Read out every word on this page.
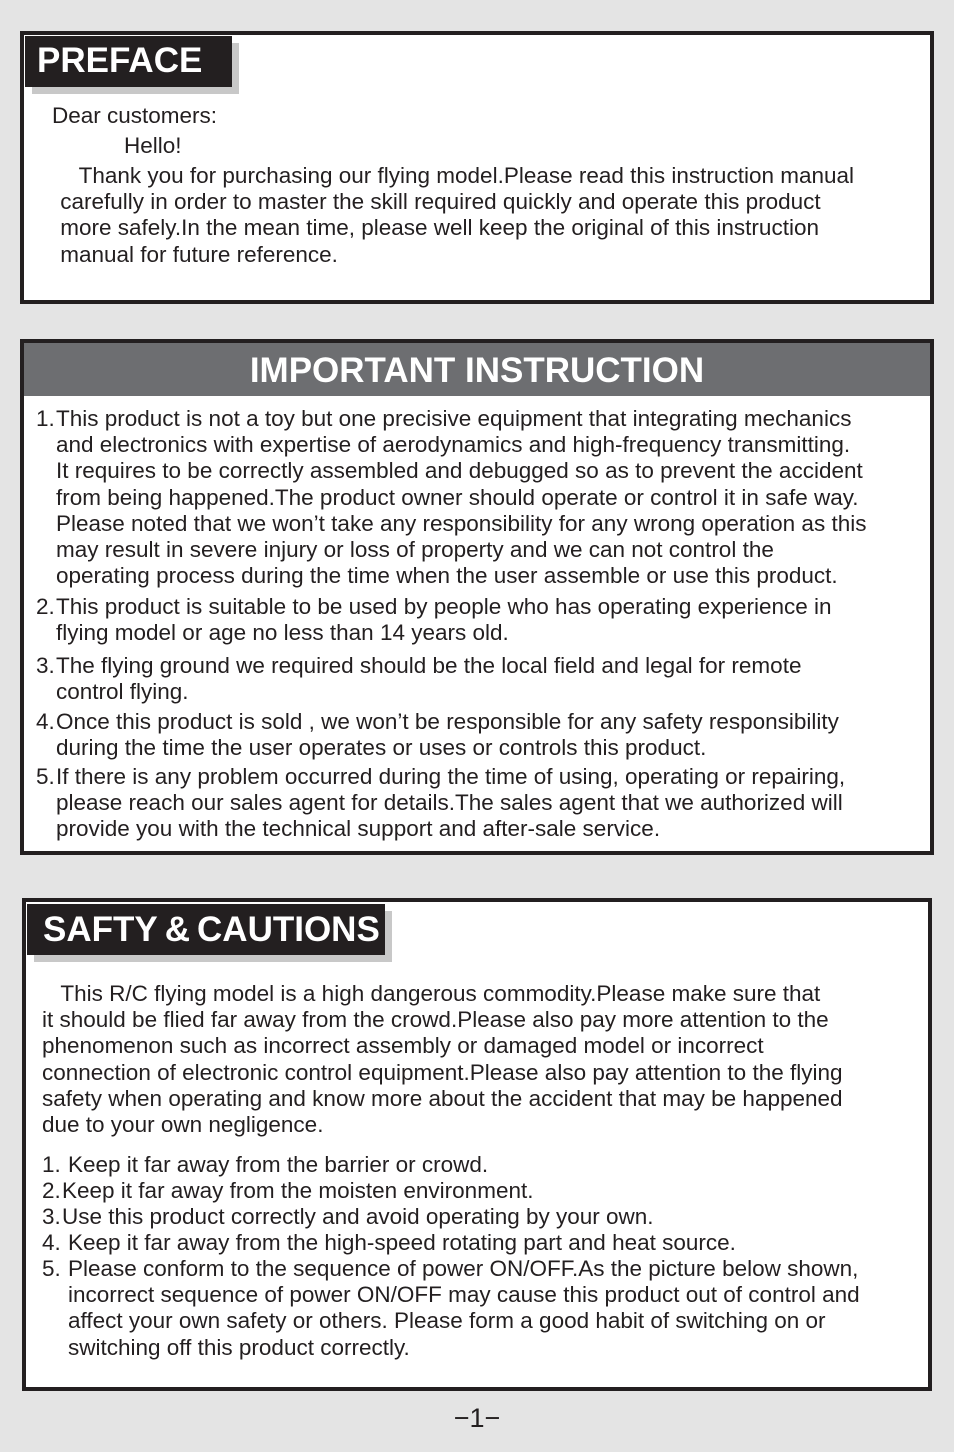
PREFACE

Dear customers:

Hello!

Thank you for purchasing our flying model.Please read this instruction manual
carefully in order to master the skill required quickly and operate this product
more safely.In the mean time, please well keep the original of this instruction
manual for future reference.

IMPORTANT INSTRUCTION
1. This product is not a toy but one precisive equipment that integrating mechanics
and electronics with expertise of aerodynamics and high-frequency transmitting.
It requires to be correctly assembled and debugged so as to prevent the accident
from being happened.The product owner should operate or control it in safe way.
Please noted that we won’t take any responsibility for any wrong operation as this
may result in severe injury or loss of property and we can not control the
operating process during the time when the user assemble or use this product.
2. This product is suitable to be used by people who has operating experience in
flying model or age no less than 14 years old.
3. The flying ground we required should be the local field and legal for remote
control flying.
4. Once this product is sold , we won’t be responsible for any safety responsibility
during the time the user operates or uses or controls this product.
5. If there is any problem occurred during the time of using, operating or repairing,
please reach our sales agent for details.The sales agent that we authorized will
provide you with the technical support and after-sale service.
SAFTY & CAUTIONS

This R/C flying model is a high dangerous commodity.Please make sure that
it should be flied far away from the crowd.Please also pay more attention to the
phenomenon such as incorrect assembly or damaged model or incorrect
connection of electronic control equipment.Please also pay attention to the flying
safety when operating and know more about the accident that may be happened
due to your own negligence.

1. Keep it far away from the barrier or crowd.
2. Keep it far away from the moisten environment.
3. Use this product correctly and avoid operating by your own.
4. Keep it far away from the high-speed rotating part and heat source.
5. Please conform to the sequence of power ON/OFF.As the picture below shown,
incorrect sequence of power ON/OFF may cause this product out of control and
affect your own safety or others. Please form a good habit of switching on or
switching off this product correctly.
−1−
